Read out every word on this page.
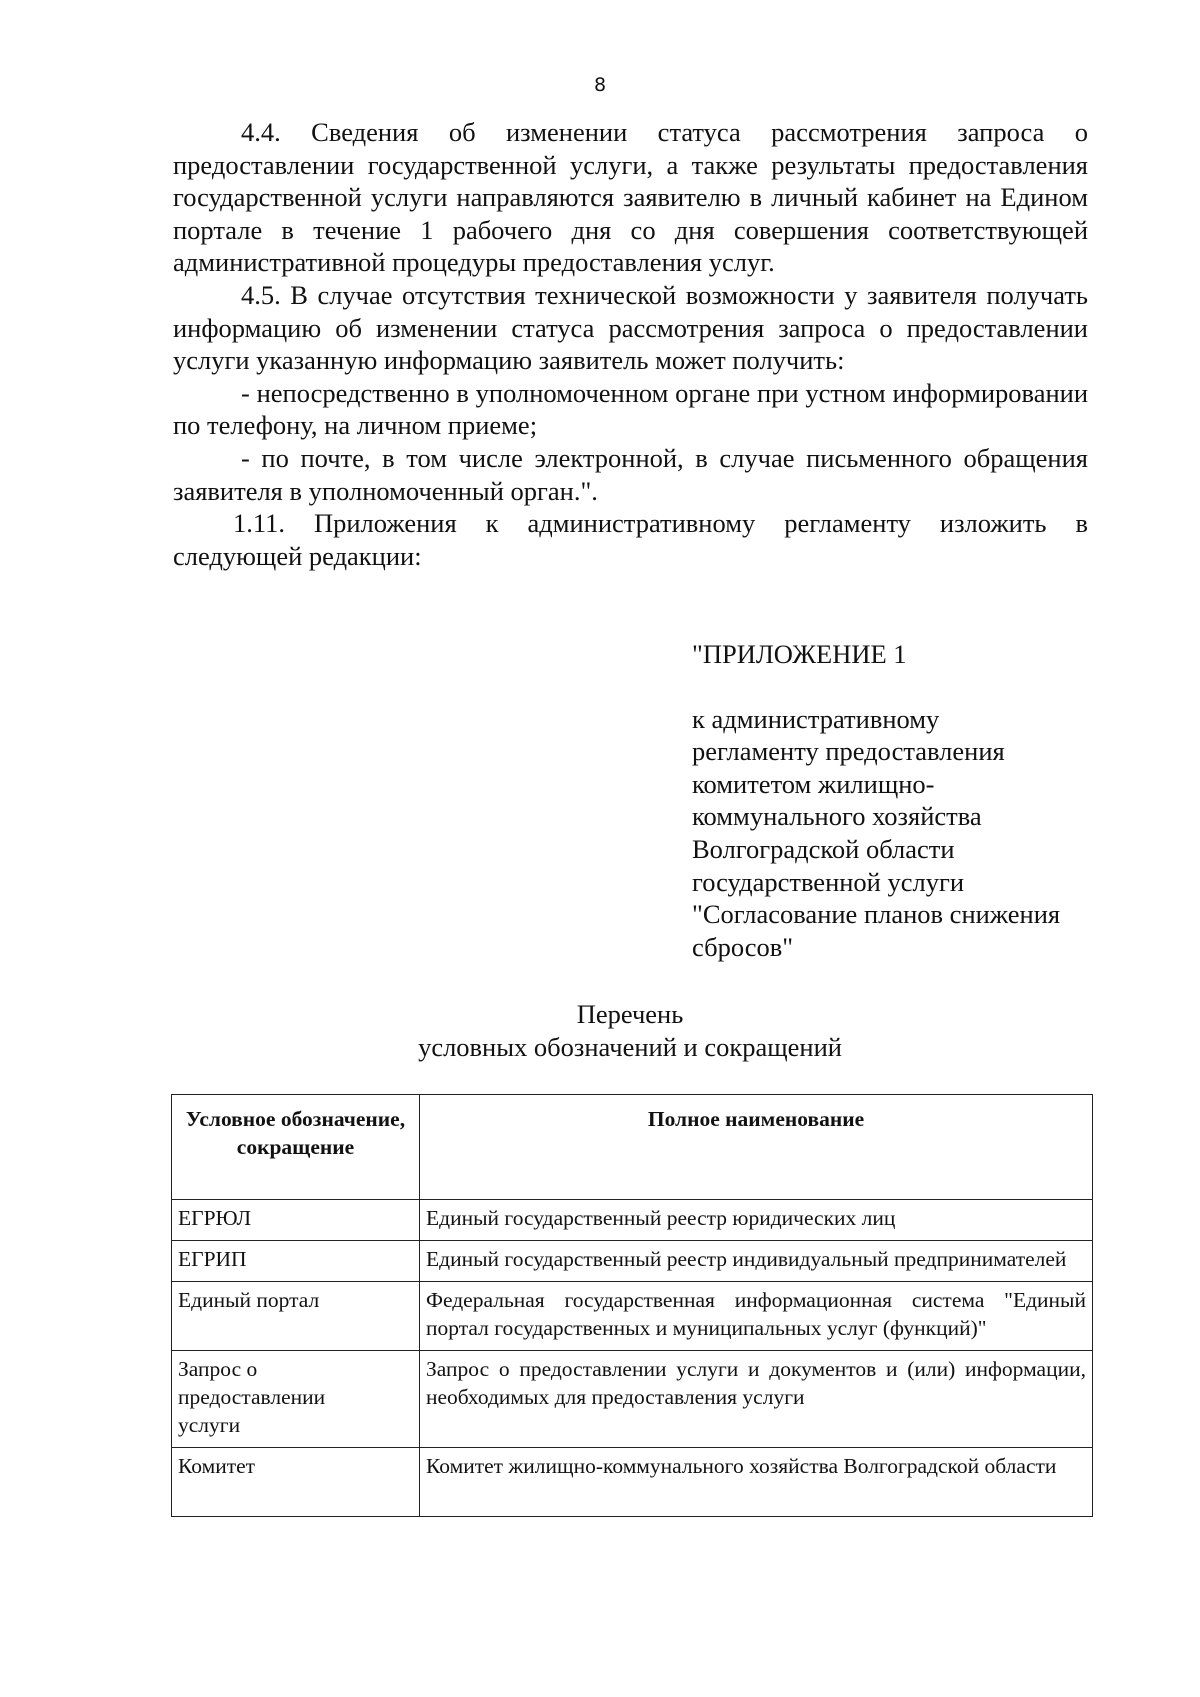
8

4.4. Сведения об изменении статуса рассмотрения запроса о предоставлении государственной услуги, а также результаты предоставления государственной услуги направляются заявителю в личный кабинет на Едином портале в течение 1 рабочего дня со дня совершения соответствующей административной процедуры предоставления услуг.

4.5. В случае отсутствия технической возможности у заявителя получать информацию об изменении статуса рассмотрения запроса о предоставлении услуги указанную информацию заявитель может получить:

- непосредственно в уполномоченном органе при устном информировании по телефону, на личном приеме;

- по почте, в том числе электронной, в случае письменного обращения заявителя в уполномоченный орган.".

1.11. Приложения к административному регламенту изложить в следующей редакции:

"ПРИЛОЖЕНИЕ 1

к административному
регламенту предоставления
комитетом жилищно-
коммунального хозяйства
Волгоградской области
государственной услуги
"Согласование планов снижения
сбросов"
Перечень
условных обозначений и сокращений
Условное обозначение, сокращение	Полное наименование
ЕГРЮЛ	Единый государственный реестр юридических лиц
ЕГРИП	Единый государственный реестр индивидуальный предпринимателей
Единый портал	Федеральная государственная информационная система "Единый портал государственных и муниципальных услуг (функций)"
Запрос о предоставлении услуги	Запрос о предоставлении услуги и документов и (или) информации, необходимых для предоставления услуги
Комитет	Комитет жилищно-коммунального хозяйства Волгоградской области
